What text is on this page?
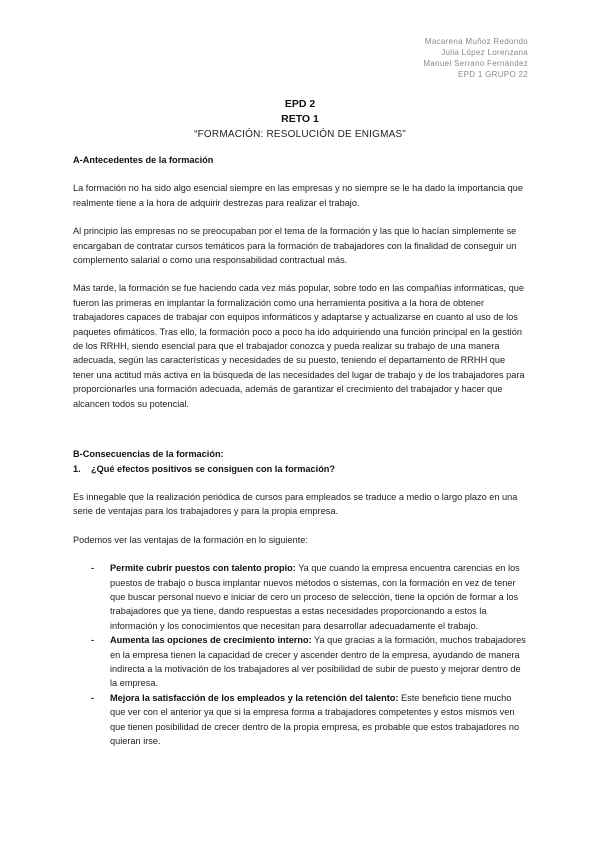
Macarena Muñoz Redondo
Julia López Lorenzana
Manuel Serrano Fernández
EPD 1 GRUPO 22
EPD 2
RETO 1
“FORMACIÓN: RESOLUCIÓN DE ENIGMAS”

A-Antecedentes de la formación

La formación no ha sido algo esencial siempre en las empresas y no siempre se le ha dado la importancia que realmente tiene a la hora de adquirir destrezas para realizar el trabajo.

Al principio las empresas no se preocupaban por el tema de la formación y las que lo hacían simplemente se encargaban de contratar cursos temáticos para la formación de trabajadores con la finalidad de conseguir un complemento salarial o como una responsabilidad contractual más.

Más tarde, la formación se fue haciendo cada vez más popular, sobre todo en las compañías informáticas, que fueron las primeras en implantar la formalización como una herramienta positiva a la hora de obtener trabajadores capaces de trabajar con equipos informáticos y adaptarse y actualizarse en cuanto al uso de los paquetes ofimáticos. Tras ello, la formación poco a poco ha ido adquiriendo una función principal en la gestión de los RRHH, siendo esencial para que el trabajador conozca y pueda realizar su trabajo de una manera adecuada, según las características y necesidades de su puesto, teniendo el departamento de RRHH que tener una actitud más activa en la búsqueda de las necesidades del lugar de trabajo y de los trabajadores para proporcionarles una formación adecuada, además de garantizar el crecimiento del trabajador y hacer que alcancen todos su potencial.

B-Consecuencias de la formación:

1. ¿Qué efectos positivos se consiguen con la formación?

Es innegable que la realización periódica de cursos para empleados se traduce a medio o largo plazo en una serie de ventajas para los trabajadores y para la propia empresa.

Podemos ver las ventajas de la formación en lo siguiente:

- Permite cubrir puestos con talento propio: Ya que cuando la empresa encuentra carencias en los puestos de trabajo o busca implantar nuevos métodos o sistemas, con la formación en vez de tener que buscar personal nuevo e iniciar de cero un proceso de selección, tiene la opción de formar a los trabajadores que ya tiene, dando respuestas a estas necesidades proporcionando a estos la información y los conocimientos que necesitan para desarrollar adecuadamente el trabajo.
- Aumenta las opciones de crecimiento interno: Ya que gracias a la formación, muchos trabajadores en la empresa tienen la capacidad de crecer y ascender dentro de la empresa, ayudando de manera indirecta a la motivación de los trabajadores al ver posibilidad de subir de puesto y mejorar dentro de la empresa.
- Mejora la satisfacción de los empleados y la retención del talento: Este beneficio tiene mucho que ver con el anterior ya que si la empresa forma a trabajadores competentes y estos mismos ven que tienen posibilidad de crecer dentro de la propia empresa, es probable que estos trabajadores no quieran irse.
